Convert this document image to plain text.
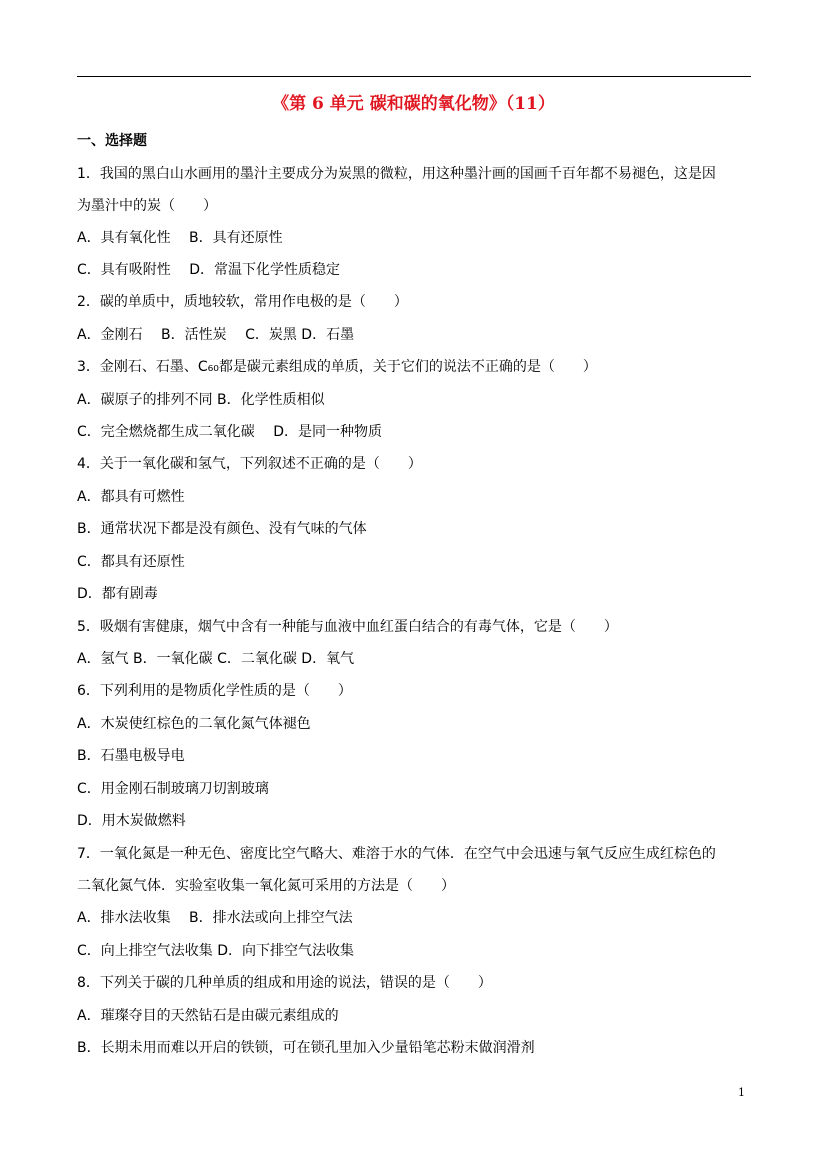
《第 6 单元 碳和碳的氧化物》（11）
一、选择题
1．我国的黑白山水画用的墨汁主要成分为炭黑的微粒，用这种墨汁画的国画千百年都不易褪色，这是因
为墨汁中的炭（　　）
A．具有氧化性　 B．具有还原性
C．具有吸附性　 D．常温下化学性质稳定
2．碳的单质中，质地较软，常用作电极的是（　　）
A．金刚石　 B．活性炭　 C．炭黑 D．石墨
3．金刚石、石墨、C₆₀都是碳元素组成的单质，关于它们的说法不正确的是（　　）
A．碳原子的排列不同 B．化学性质相似
C．完全燃烧都生成二氧化碳　 D．是同一种物质
4．关于一氧化碳和氢气，下列叙述不正确的是（　　）
A．都具有可燃性
B．通常状况下都是没有颜色、没有气味的气体
C．都具有还原性
D．都有剧毒
5．吸烟有害健康，烟气中含有一种能与血液中血红蛋白结合的有毒气体，它是（　　）
A．氢气 B．一氧化碳 C．二氧化碳 D．氧气
6．下列利用的是物质化学性质的是（　　）
A．木炭使红棕色的二氧化氮气体褪色
B．石墨电极导电
C．用金刚石制玻璃刀切割玻璃
D．用木炭做燃料
7．一氧化氮是一种无色、密度比空气略大、难溶于水的气体．在空气中会迅速与氧气反应生成红棕色的
二氧化氮气体．实验室收集一氧化氮可采用的方法是（　　）
A．排水法收集　 B．排水法或向上排空气法
C．向上排空气法收集 D．向下排空气法收集
8．下列关于碳的几种单质的组成和用途的说法，错误的是（　　）
A．璀璨夺目的天然钻石是由碳元素组成的
B．长期未用而难以开启的铁锁，可在锁孔里加入少量铅笔芯粉末做润滑剂
1
